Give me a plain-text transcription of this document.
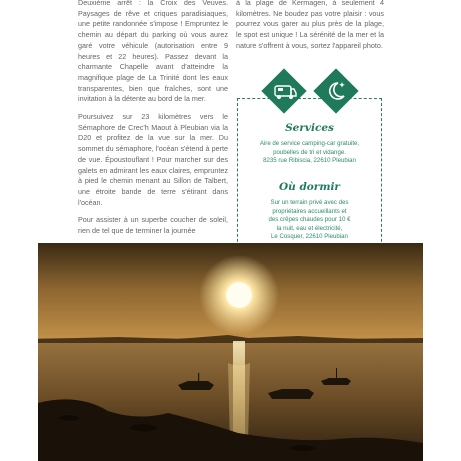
Deuxième arrêt : la Croix des Veuves. Paysages de rêve et criques paradisiaques, une petite randonnée s'impose ! Empruntez le chemin au départ du parking où vous aurez garé votre véhicule (autorisation entre 9 heures et 22 heures). Passez devant la charmante Chapelle avant d'atteindre la magnifique plage de La Trinité dont les eaux transparentes, bien que fraîches, sont une invitation à la détente au bord de la mer.

Poursuivez sur 23 kilomètres vers le Sémaphore de Crec'h Maout à Pleubian via la D20 et profitez de la vue sur la mer. Du sommet du sémaphore, l'océan s'étend à perte de vue. Époustouflant ! Pour marcher sur des galets en admirant les eaux claires, empruntez à pied le chemin menant au Sillon de Talbert, une étroite bande de terre s'étirant dans l'océan.

Pour assister à un superbe coucher de soleil, rien de tel que de terminer la journée

à la plage de Kermagen, à seulement 4 kilomètres. Ne boudez pas votre plaisir : vous pourrez vous garer au plus près de la plage, le spot est unique ! La sérénité de la mer et la nature s'offrent à vous, sortez l'appareil photo.

Services
Aire de service camping-car gratuite,
poubelles de tri et vidange.
8235 rue Ribiscia, 22610 Pleubian
Où dormir
Sur un terrain privé avec des
propriétaires accueillants et
des crêpes chaudes pour 10 €
la nuit, eau et électricité,
Le Cosquer, 22610 Pleubian
